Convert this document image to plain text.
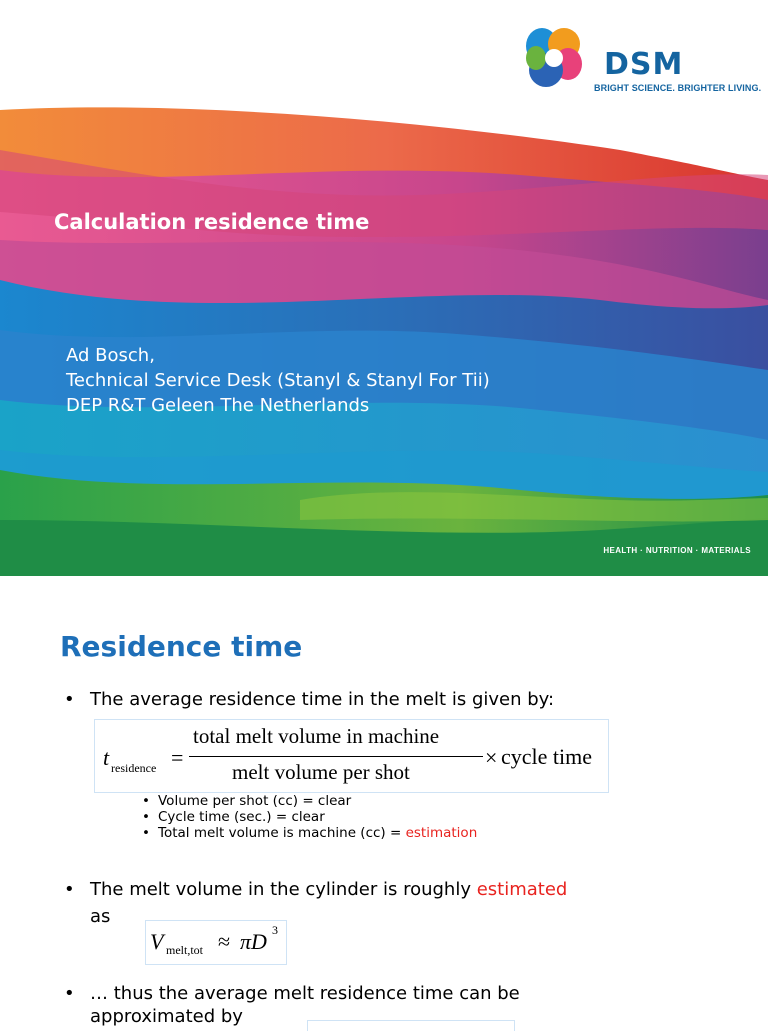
DSM
BRIGHT SCIENCE. BRIGHTER LIVING.
Calculation residence time
Ad Bosch,
Technical Service Desk (Stanyl & Stanyl For Tii)
DEP R&T Geleen The Netherlands
HEALTH · NUTRITION · MATERIALS
Residence time
• The average residence time in the melt is given by:
t residence =
total melt volume in machine
melt volume per shot
× cycle time
• Volume per shot (cc) = clear
• Cycle time (sec.) = clear
• Total melt volume is machine (cc) = estimation
• The melt volume in the cylinder is roughly estimated
as
V melt,tot ≈ πD 3
• … thus the average melt residence time can be
approximated by
